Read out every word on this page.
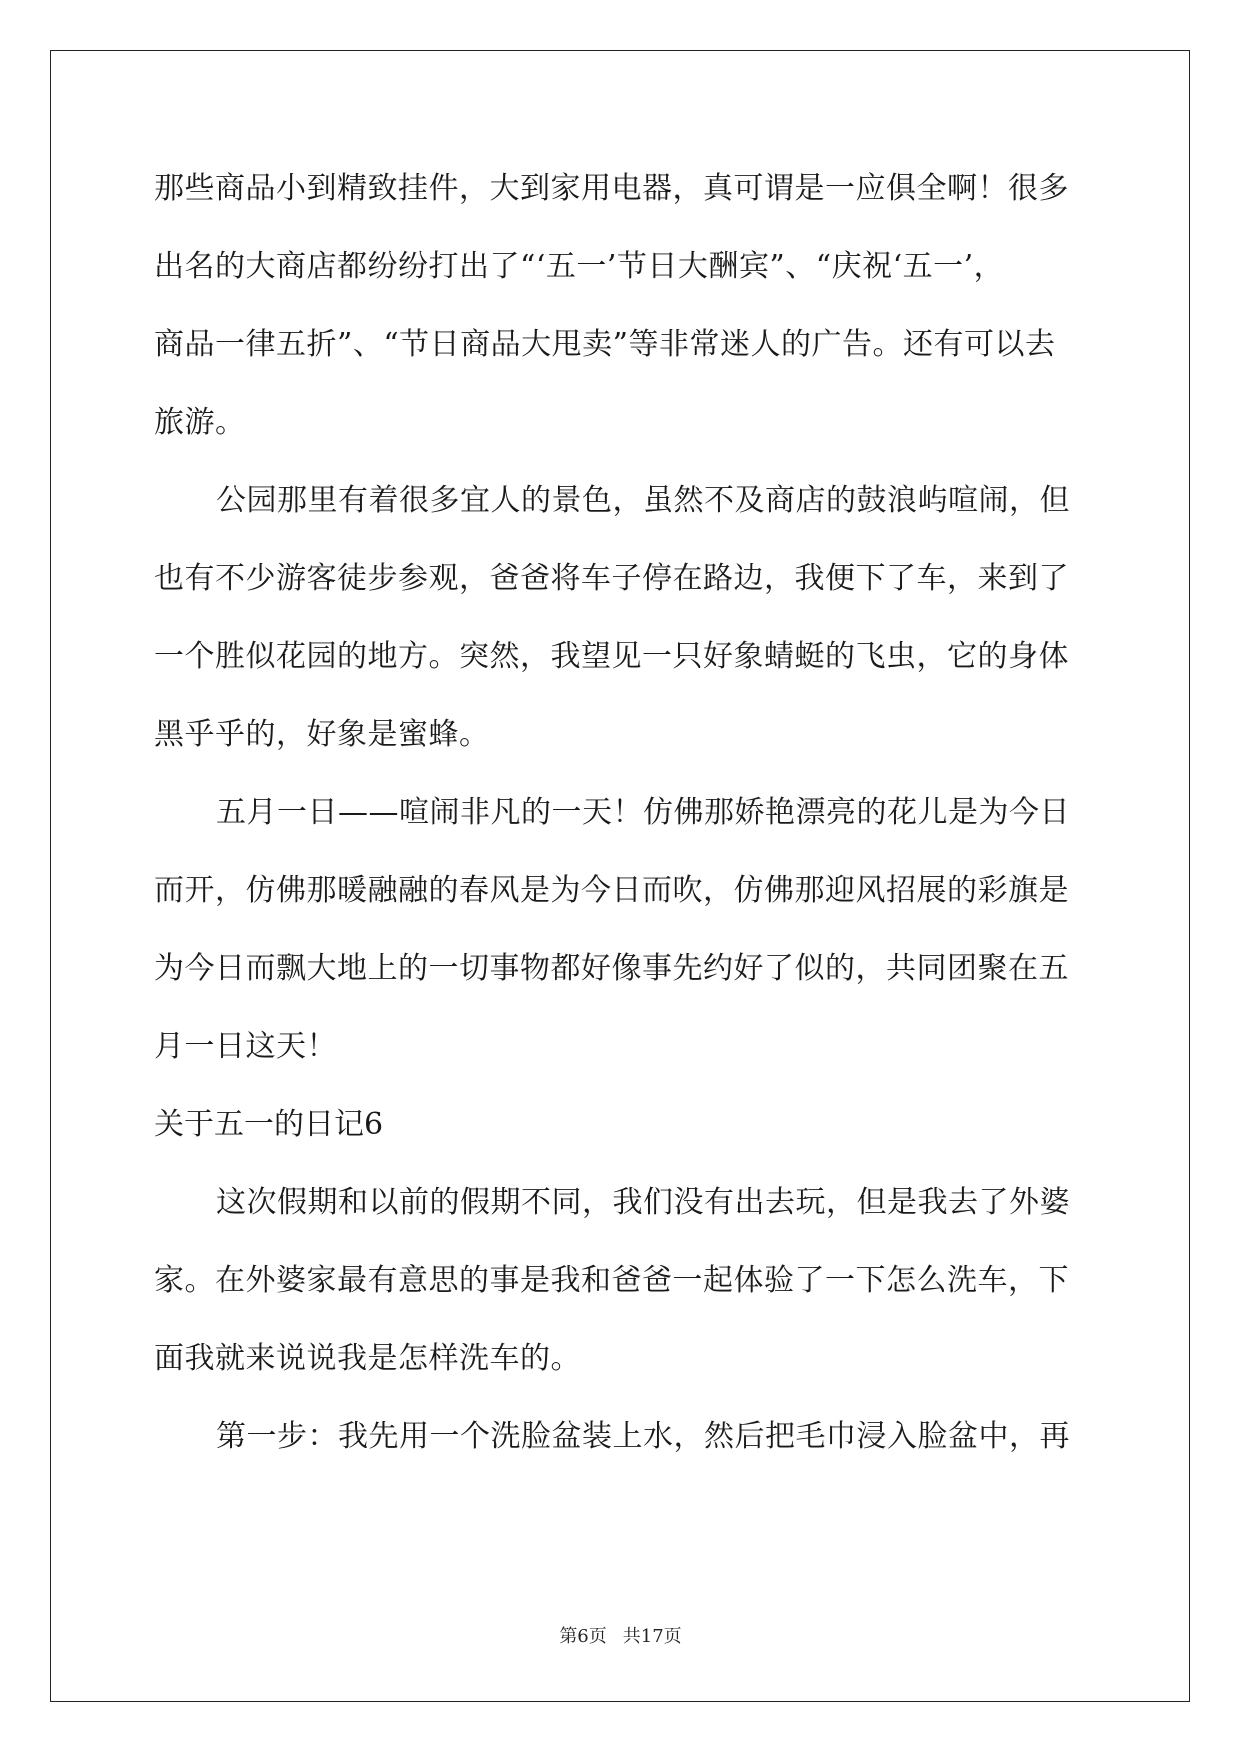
那些商品小到精致挂件，大到家用电器，真可谓是一应俱全啊！很多
出名的大商店都纷纷打出了“‘五一’节日大酬宾”、“庆祝‘五一’，
商品一律五折”、“节日商品大甩卖”等非常迷人的广告。还有可以去
旅游。
公园那里有着很多宜人的景色，虽然不及商店的鼓浪屿喧闹，但
也有不少游客徒步参观，爸爸将车子停在路边，我便下了车，来到了
一个胜似花园的地方。突然，我望见一只好象蜻蜓的飞虫，它的身体
黑乎乎的，好象是蜜蜂。
五月一日——喧闹非凡的一天！仿佛那娇艳漂亮的花儿是为今日
而开，仿佛那暖融融的春风是为今日而吹，仿佛那迎风招展的彩旗是
为今日而飘大地上的一切事物都好像事先约好了似的，共同团聚在五
月一日这天！
关于五一的日记6
这次假期和以前的假期不同，我们没有出去玩，但是我去了外婆
家。在外婆家最有意思的事是我和爸爸一起体验了一下怎么洗车，下
面我就来说说我是怎样洗车的。
第一步：我先用一个洗脸盆装上水，然后把毛巾浸入脸盆中，再
第6页 共17页
